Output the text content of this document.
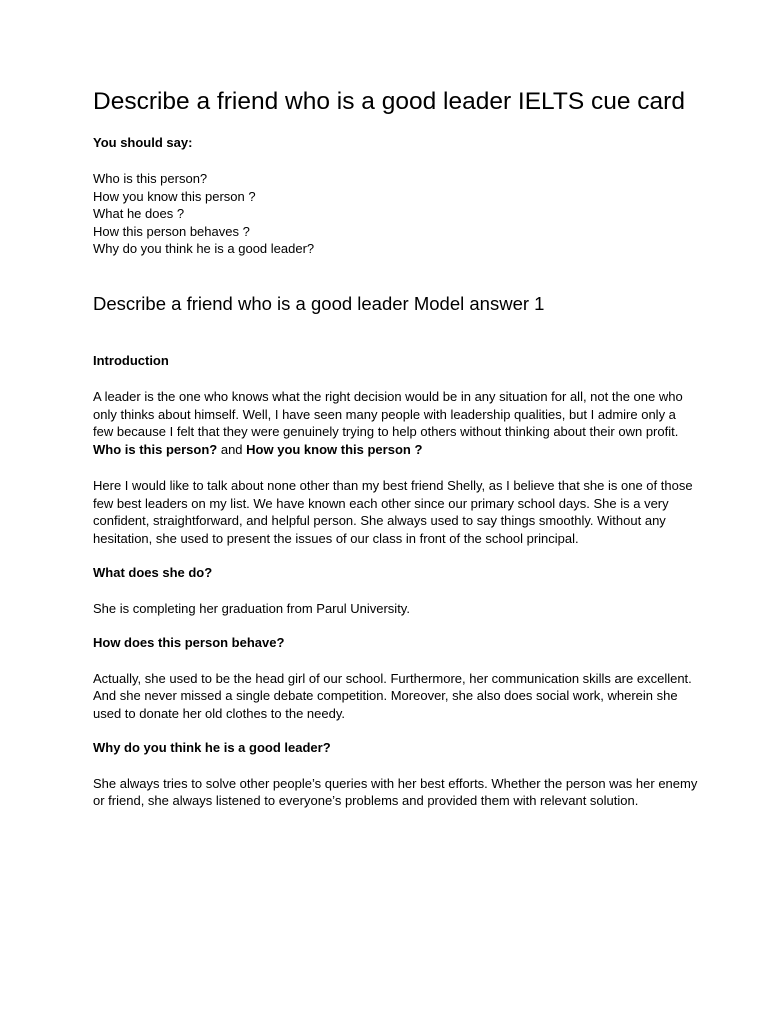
Describe a friend who is a good leader IELTS cue card

You should say:

Who is this person?
How you know this person ?
What he does ?
How this person behaves ?
Why do you think he is a good leader?
Describe a friend who is a good leader Model answer 1

Introduction

A leader is the one who knows what the right decision would be in any situation for all, not the one who only thinks about himself. Well, I have seen many people with leadership qualities, but I admire only a few because I felt that they were genuinely trying to help others without thinking about their own profit.

Who is this person? and How you know this person ?

Here I would like to talk about none other than my best friend Shelly, as I believe that she is one of those few best leaders on my list. We have known each other since our primary school days. She is a very confident, straightforward, and helpful person. She always used to say things smoothly. Without any hesitation, she used to present the issues of our class in front of the school principal.

What does she do?

She is completing her graduation from Parul University.

How does this person behave?

Actually, she used to be the head girl of our school. Furthermore, her communication skills are excellent. And she never missed a single debate competition. Moreover, she also does social work, wherein she used to donate her old clothes to the needy.

Why do you think he is a good leader?

She always tries to solve other people’s queries with her best efforts. Whether the person was her enemy or friend, she always listened to everyone’s problems and provided them with relevant solution.
